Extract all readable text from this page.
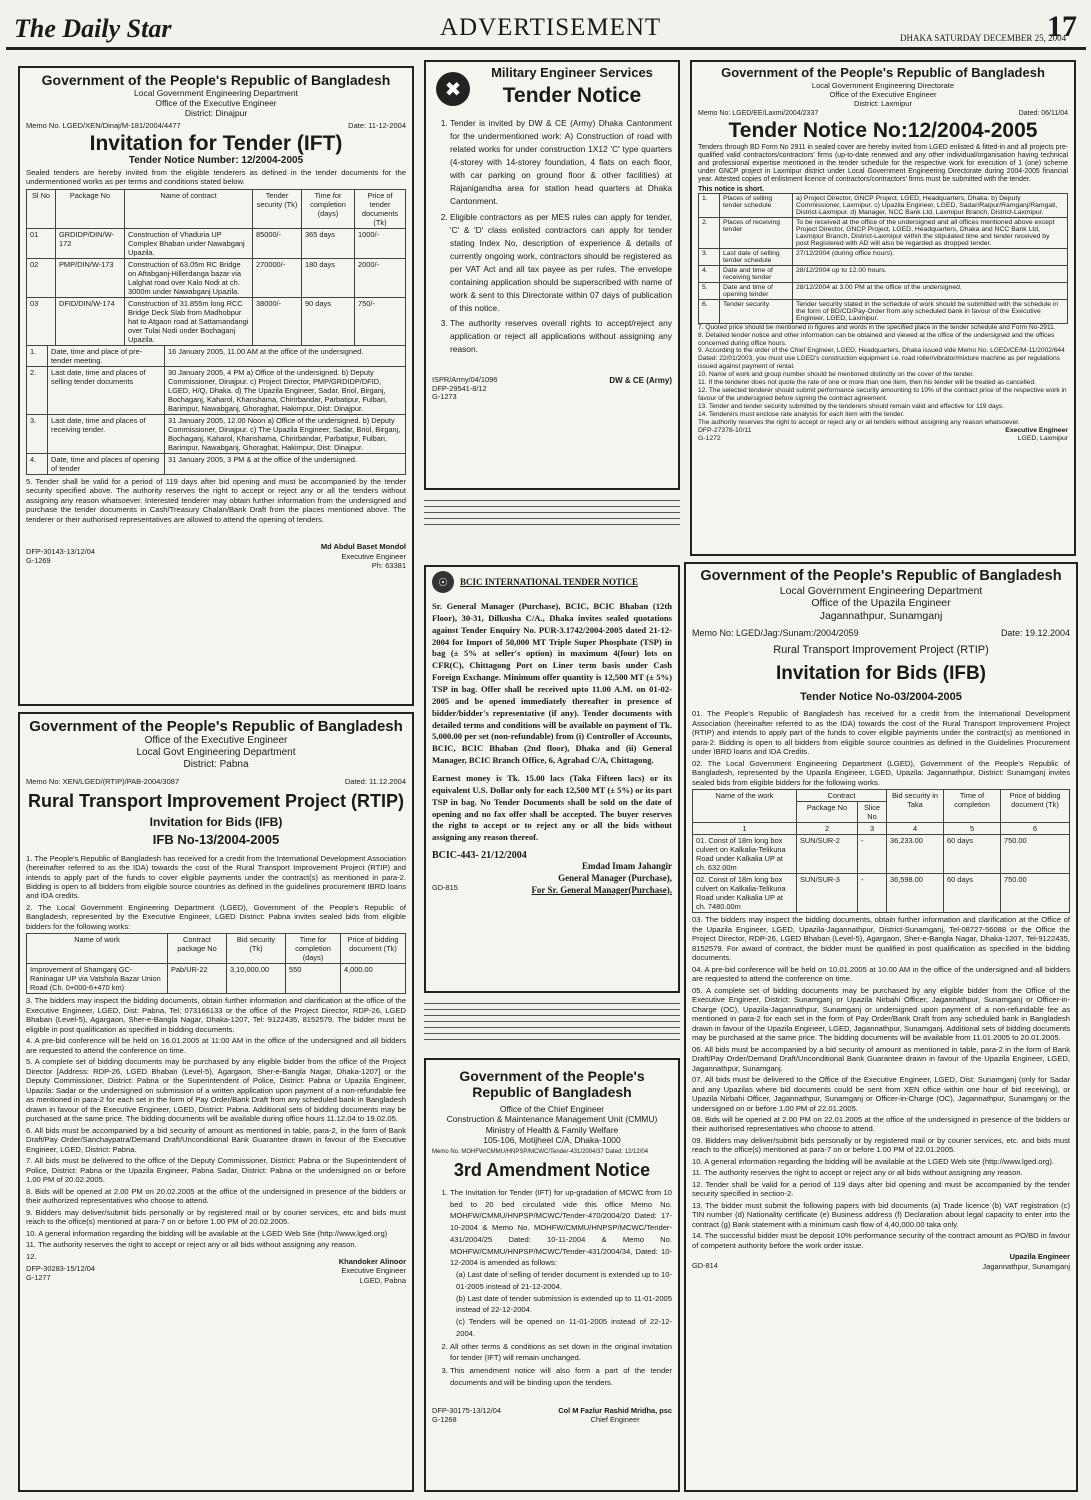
The Daily Star	ADVERTISEMENT	DHAKA SATURDAY DECEMBER 25, 2004
17
Government of the People's Republic of Bangladesh
Local Government Engineering Department
Office of the Executive Engineer
District: Dinajpur
Memo No. LGED/XEN/Dinaj/M-181/2004/4477	Date: 11-12-2004
Invitation for Tender (IFT)
Tender Notice Number: 12/2004-2005
Sealed tenders are hereby invited from the eligible tenderers as defined in the tender documents for the undermentioned works as per terms and conditions stated below.
Sl No	Package No	Name of contract	Tender security (Tk)	Time for completion (days)	Price of tender documents (Tk)
01	GRDIDP/DIN/W-172	Construction of Vhaduria UP Complex Bhaban under Nawabganj Upazila.	85000/-	365 days	1000/-
02	PMP/DIN/W-173	Construction of 63.05m RC Bridge on Aftabganj-Hillerdanga bazar via Lalghat road over Kalo Nodi at ch. 3000m under Nawabganj Upazila.	270000/-	180 days	2000/-
03	DFID/DIN/W-174	Construction of 31.855m long RCC Bridge Deck Slab from Madhobpur hat to Atgaon road at Sattamandangi over Tulai Nodi under Bochaganj Upazila.	38000/-	90 days	750/-
1.	Date, time and place of pre-tender meeting.	16 January 2005, 11.00 AM at the office of the undersigned.
2.	Last date, time and places of selling tender documents	30 January 2005, 4 PM a) Office of the undersigned. b) Deputy Commissioner, Dinajpur. c) Project Director, PMP/GRDIDP/DFID, LGED, H/Q, Dhaka. d) The Upazila Engineer, Sadar, Briol, Birganj, Bochaganj, Kaharol, Khanshama, Chirirbandar, Parbatipur, Fulbari, Barimpur, Nawabganj, Ghoraghat, Hakimpur, Dist: Dinajpur.
3.	Last date, time and places of receiving tender.	31 January 2005, 12.00 Noon a) Office of the undersigned. b) Deputy Commissioner, Dinajpur. c) The Upazila Engineer, Sadar, Briol, Birganj, Bochaganj, Kaharol, Khanshama, Chirirbandar, Parbatipur, Fulbari, Barimpur, Nawabganj, Ghoraghat, Hakimpur, Dist: Dinajpur.
4.	Date, time and places of opening of tender	31 January 2005, 3 PM & at the office of the undersigned.
5. Tender shall be valid for a period of 119 days after bid opening and must be accompanied by the tender security specified above. The authority reserves the right to accept or reject any or all the tenders without assigning any reason whatsoever. Interested tenderer may obtain further information from the undersigned and purchase the tender documents in Cash/Treasury Chalan/Bank Draft from the places mentioned above. The tenderer or their authorised representatives are allowed to attend the opening of tenders.
Md Abdul Baset Mondol
Executive Engineer
Ph: 63381
DFP-30143-13/12/04
G-1269
Government of the People's Republic of Bangladesh
Office of the Executive Engineer
Local Govt Engineering Department
District: Pabna
Memo No: XEN/LGED/(RTIP)/PAB-2004/3087	Dated: 11.12.2004
Rural Transport Improvement Project (RTIP)
Invitation for Bids (IFB)
IFB No-13/2004-2005
1. The People's Republic of Bangladesh has received for a credit from the International Development Association (hereinafter referred to as the IDA) towards the cost of the Rural Transport Improvement Project (RTIP) and intends to apply part of the funds to cover eligible payments under the contract(s) as mentioned in para-2. Bidding is open to all bidders from eligible source countries as defined in the guidelines procurement IBRD loans and IDA credits.
2. The Local Government Engineering Department (LGED), Government of the People's Republic of Bangladesh, represented by the Executive Engineer, LGED District: Pabna invites sealed bids from eligible bidders for the following works:
Name of work	Contract package No	Bid security (Tk)	Time for completion (days)	Price of bidding document (Tk)
Improvement of Shamganj GC-Raninagar UP via Vatshola Bazar Union Road (Ch. 0+000-6+470 km)	Pab/UR-22	3,10,000.00	550	4,000.00
3. The bidders may inspect the bidding documents, obtain further information and clarification at the office of the Executive Engineer, LGED, Dist: Pabna, Tel: 073166133 or the office of the Project Director, RDP-26, LGED Bhaban (Level-5), Agargaon, Sher-e-Bangla Nagar, Dhaka-1207, Tel: 9122435, 8152579. The bidder must be eligible in post qualification as specified in bidding documents.
4. A pre-bid conference will be held on 16.01.2005 at 11:00 AM in the office of the undersigned and all bidders are requested to attend the conference on time.
5. A complete set of bidding documents may be purchased by any eligible bidder from the office of the Project Director [Address: RDP-26, LGED Bhaban (Level-5), Agargaon, Sher-e-Bangla Nagar, Dhaka-1207] or the Deputy Commissioner, District: Pabna or the Superintendent of Police, District: Pabna or Upazila Engineer, Upazila: Sadar or the undersigned on submission of a written application upon payment of a non-refundable fee as mentioned in para-2 for each set in the form of Pay Order/Bank Draft from any scheduled bank in Bangladesh drawn in favour of the Executive Engineer, LGED, District: Pabna. Additional sets of bidding documents may be purchased at the same price. The bidding documents will be available during office hours 11.12.04 to 19.02.05.
6. All bids must be accompanied by a bid security of amount as mentioned in table, para-2, in the form of Bank Draft/Pay Order/Sanchaypatra/Demand Draft/Unconditional Bank Guarantee drawn in favour of the Executive Engineer, LGED, District: Pabna.
7. All bids must be delivered to the office of the Deputy Commissioner, District: Pabna or the Superintendent of Police, District: Pabna or the Upazila Engineer, Pabna Sadar, District: Pabna or the undersigned on or before 1.00 PM of 20.02.2005.
8. Bids will be opened at 2.00 PM on 20.02.2005 at the office of the undersigned in presence of the bidders or their authorized representatives who choose to attend.
9. Bidders may deliver/submit bids personally or by registered mail or by courier services, etc and bids must reach to the office(s) mentioned at para-7 on or before 1.00 PM of 20.02.2005.
10. A general information regarding the bidding will be available at the LGED Web Site (http://www.lged.org)
11. The authority reserves the right to accept or reject any or all bids without assigning any reason.
12.
Khandoker Alinoor
Executive Engineer
LGED, Pabna
DFP-30283-15/12/04
G-1277
✖
Military Engineer Services
Tender Notice
1. Tender is invited by DW & CE (Army) Dhaka Cantonment for the undermentioned work: A) Construction of road with related works for under construction 1X12 'C' type quarters (4-storey with 14-storey foundation, 4 flats on each floor, with car parking on ground floor & other facilities) at Rajanigandha area for station head quarters at Dhaka Cantonment.
2. Eligible contractors as per MES rules can apply for tender, 'C' & 'D' class enlisted contractors can apply for tender stating Index No, description of experience & details of currently ongoing work, contractors should be registered as per VAT Act and all tax payee as per rules. The envelope containing application should be superscribed with name of work & sent to this Directorate within 07 days of publication of this notice.
3. The authority reserves overall rights to accept/reject any application or reject all applications without assigning any reason.
ISPR/Army/04/1096
DFP-29541-8/12
G-1273
DW & CE (Army)
☉	BCIC INTERNATIONAL TENDER NOTICE
Sr. General Manager (Purchase), BCIC, BCIC Bhaban (12th Floor), 30-31, Dilkusha C/A., Dhaka invites sealed quotations against Tender Enquiry No. PUR-3.1742/2004-2005 dated 21-12-2004 for Import of 50,000 MT Triple Super Phosphate (TSP) in bag (± 5% at seller's option) in maximum 4(four) lots on CFR(C), Chittagong Port on Liner term basis under Cash Foreign Exchange. Minimum offer quantity is 12,500 MT (± 5%) TSP in bag. Offer shall be received upto 11.00 A.M. on 01-02-2005 and be opened immediately thereafter in presence of bidder/bidder's representative (if any). Tender documents with detailed terms and conditions will be available on payment of Tk. 5,000.00 per set (non-refundable) from (i) Controller of Accounts, BCIC, BCIC Bhaban (2nd floor), Dhaka and (ii) General Manager, BCIC Branch Office, 6, Agrabad C/A, Chittagong.
Earnest money is Tk. 15.00 lacs (Taka Fifteen lacs) or its equivalent U.S. Dollar only for each 12,500 MT (± 5%) or its part TSP in bag. No Tender Documents shall be sold on the date of opening and no fax offer shall be accepted. The buyer reserves the right to accept or to reject any or all the bids without assigning any reason thereof.
BCIC-443- 21/12/2004
Emdad Imam Jahangir
General Manager (Purchase),
For Sr. General Manager(Purchase).
GD-815
Government of the People's Republic of Bangladesh
Office of the Chief Engineer
Construction & Maintenance Management Unit (CMMU)
Ministry of Health & Family Welfare
105-106, Motijheel C/A, Dhaka-1000
Memo No. MOHFW/CMMU/HNPSP/MCWC/Tender-431/2004/37 Dated: 12/12/04
3rd Amendment Notice
1. The Invitation for Tender (IFT) for up-gradation of MCWC from 10 bed to 20 bed circulated vide this office Memo No. MOHFW/CMMU/HNPSP/MCWC/Tender-470/2004/20 Dated: 17-10-2004 & Memo No. MOHFW/CMMU/HNPSP/MCWC/Tender-431/2004/25 Dated: 10-11-2004 & Memo No. MOHFW/CMMU/HNPSP/MCWC/Tender-431/2004/34, Dated: 10-12-2004 is amended as follows:
(a) Last date of selling of tender document is extended up to 10-01-2005 instead of 21-12-2004.
(b) Last date of tender submission is extended up to 11-01-2005 instead of 22-12-2004.
(c) Tenders will be opened on 11-01-2005 instead of 22-12-2004.
2. All other terms & conditions as set down in the original invitation for tender (IFT) will remain unchanged.
3. This amendment notice will also form a part of the tender documents and will be binding upon the tenders.
DFP-30175-13/12/04
G-1268
Col M Fazlur Rashid Mridha, psc
Chief Engineer
Government of the People's Republic of Bangladesh
Local Government Engineering Directorate
Office of the Executive Engineer
District: Laxmipur
Memo No: LGED/EE/Laxmi/2004/2337	Dated: 06/11/04
Tender Notice No:12/2004-2005
Tenders through BD Form No 2911 in sealed cover are hereby invited from LGED enlisted & fitted-in and all projects pre-qualified valid contractors/contractors' firms (up-to-date renewed and any other individual/organisation having technical and professional expertise mentioned in the tender schedule for the respective work for execution of 1 (one) scheme under GNCP project in Laxmipur district under Local Government Engineering Directorate during 2004-2005 financial year. Attested copies of enlistment licence of contractors/contractors' firms must be submitted with the tender.
This notice is short.
1.	Places of selling tender schedule	a) Project Director, GNCP Project, LGED, Headquarters, Dhaka. b) Deputy Commissioner, Laxmipur. c) Upazila Engineer, LGED, Sadar/Raipur/Ramganj/Ramgati, District-Laxmipur. d) Manager, NCC Bank Ltd, Laxmipur Branch, District-Laxmipur.
2.	Places of receiving tender	To be received at the office of the undersigned and all offices mentioned above except Project Director, GNCP Project, LGED, Headquarters, Dhaka and NCC Bank Ltd, Laxmipur Branch, District-Laxmipur within the stipulated time and tender received by post Registered with AD will also be regarded as dropped tender.
3.	Last date of selling tender schedule	27/12/2004 (during office hours).
4.	Date and time of receiving tender	28/12/2004 up to 12.00 hours.
5.	Date and time of opening tender	28/12/2004 at 3.00 PM at the office of the undersigned.
6.	Tender security	Tender security stated in the schedule of work should be submitted with the schedule in the form of BD/CD/Pay-Order from any scheduled bank in favour of the Executive Engineer, LGED, Laxmipur.
7. Quoted price should be mentioned in figures and words in the specified place in the tender schedule and Form No-2911.
8. Detailed tender notice and other information can be obtained and viewed at the office of the undersigned and the offices concerned during office hours.
9. According to the order of the Chief Engineer, LGED, Headquarters, Dhaka issued vide Memo No. LGED/CE/M-11/2002/644 Dated: 22/01/2003, you must use LGED's construction equipment i.e. road roller/vibrator/mixture machine as per regulations issued against payment of rental.
10. Name of work and group number should be mentioned distinctly on the cover of the tender.
11. If the tenderer does not quote the rate of one or more than one item, then his tender will be treated as cancelled.
12. The selected tenderer should submit performance security amounting to 10% of the contract price of the respective work in favour of the undersigned before signing the contract agreement.
13. Tender and tender security submitted by the tenderers should remain valid and effective for 119 days.
14. Tenderers must enclose rate analysis for each item with the tender.
The authority reserves the right to accept or reject any or all tenders without assigning any reason whatsoever.
DFP-27378-10/11
G-1272
Executive Engineer
LGED, Laxmipur
Government of the People's Republic of Bangladesh
Local Government Engineering Department
Office of the Upazila Engineer
Jagannathpur, Sunamganj
Memo No: LGED/Jag:/Sunam:/2004/2059	Date: 19.12.2004
Rural Transport Improvement Project (RTIP)
Invitation for Bids (IFB)
Tender Notice No-03/2004-2005
01. The People's Republic of Bangladesh has received for a credit from the International Development Association (hereinafter referred to as the IDA) towards the cost of the Rural Transport Improvement Project (RTIP) and intends to apply part of the funds to cover eligible payments under the contract(s) as mentioned in para-2. Bidding is open to all bidders from eligible source countries as defined in the Guidelines Procurement under IBRD loans and IDA Credits.
02. The Local Government Engineering Department (LGED), Government of the People's Republic of Bangladesh, represented by the Upazila Engineer, LGED, Upazila: Jagannathpur, District: Sunamganj invites sealed bids from eligible bidders for the following works.
Name of the work	Contract		Bid security in Taka	Time of completion	Price of bidding document (Tk)
	Package No	Slice No			
1	2	3	4	5	6
01. Const of 18m long box culvert on Kalkalia-Telikuna Road under Kalkalia UP at ch. 632.00m	SUN/SUR-2	-	36,233.00	60 days	750.00
02. Const of 18m long box culvert on Kalkalia-Telikuna Road under Kalkalia UP at ch. 7480.00m	SUN/SUR-3	-	36,598.00	60 days	750.00
03. The bidders may inspect the bidding documents, obtain further information and clarification at the Office of the Upazila Engineer, LGED, Upazila-Jagannathpur, District-Sunamganj, Tel-08727-56088 or the Office the Project Director, RDP-26, LGED Bhaban (Level-5), Agargaon, Sher-e-Bangla Nagar, Dhaka-1207, Tel-9122435, 8152579. For award of contract, the bidder must be qualified in post qualification as specified in the bidding documents.
04. A pre-bid conference will be held on 10.01.2005 at 10.00 AM in the office of the undersigned and all bidders are requested to attend the conference on time.
05. A complete set of bidding documents may be purchased by any eligible bidder from the Office of the Executive Engineer, District: Sunamganj or Upazila Nirbahi Officer, Jagannathpur, Sunamganj or Officer-in-Charge (OC), Upazila-Jagannathpur, Sunamganj or undersigned upon payment of a non-refundable fee as mentioned in para-2 for each set in the form of Pay Order/Bank Draft from any scheduled bank in Bangladesh drawn in favour of the Upazila Engineer, LGED, Jagannathpur, Sunamganj. Additional sets of bidding documents may be purchased at the same price. The bidding documents will be available from 11.01.2005 to 20.01.2005.
06. All bids must be accompanied by a bid security of amount as mentioned in table, para-2 in the form of Bank Draft/Pay Order/Demand Draft/Unconditional Bank Guarantee drawn in favour of the Upazila Engineer, LGED, Jagannathpur, Sunamganj.
07. All bids must be delivered to the Office of the Executive Engineer, LGED, Dist: Sunamganj (only for Sadar and any Upazilas where bid documents could be sent from XEN office within one hour of bid receiving), or Upazila Nirbahi Officer, Jagannathpur, Sunamganj or Officer-in-Charge (OC), Jagannathpur, Sunamganj or the undersigned on or before 1.00 PM of 22.01.2005.
08. Bids will be opened at 2.00 PM on 22.01.2005 at the office of the undersigned in presence of the bidders or their authorised representatives who choose to attend.
09. Bidders may deliver/submit bids personally or by registered mail or by courier services, etc. and bids must reach to the office(s) mentioned at para-7 on or before 1.00 PM of 22.01.2005.
10. A general information regarding the bidding will be available at the LGED Web site (http://www.lged.org).
11. The authority reserves the right to accept or reject any or all bids without assigning any reason.
12. Tender shall be valid for a period of 119 days after bid opening and must be accompanied by the tender security specified in section-2.
13. The bidder must submit the following papers with bid documents (a) Trade licence (b) VAT registration (c) TIN number (d) Nationality certificate (e) Business address (f) Declaration about legal capacity to enter into the contract (g) Bank statement with a minimum cash flow of 4,40,000.00 taka only.
14. The successful bidder must be deposit 10% performance security of the contract amount as PO/BD in favour of competent authority before the work order issue.
GD-814
Upazila Engineer
Jagannathpur, Sunamganj
